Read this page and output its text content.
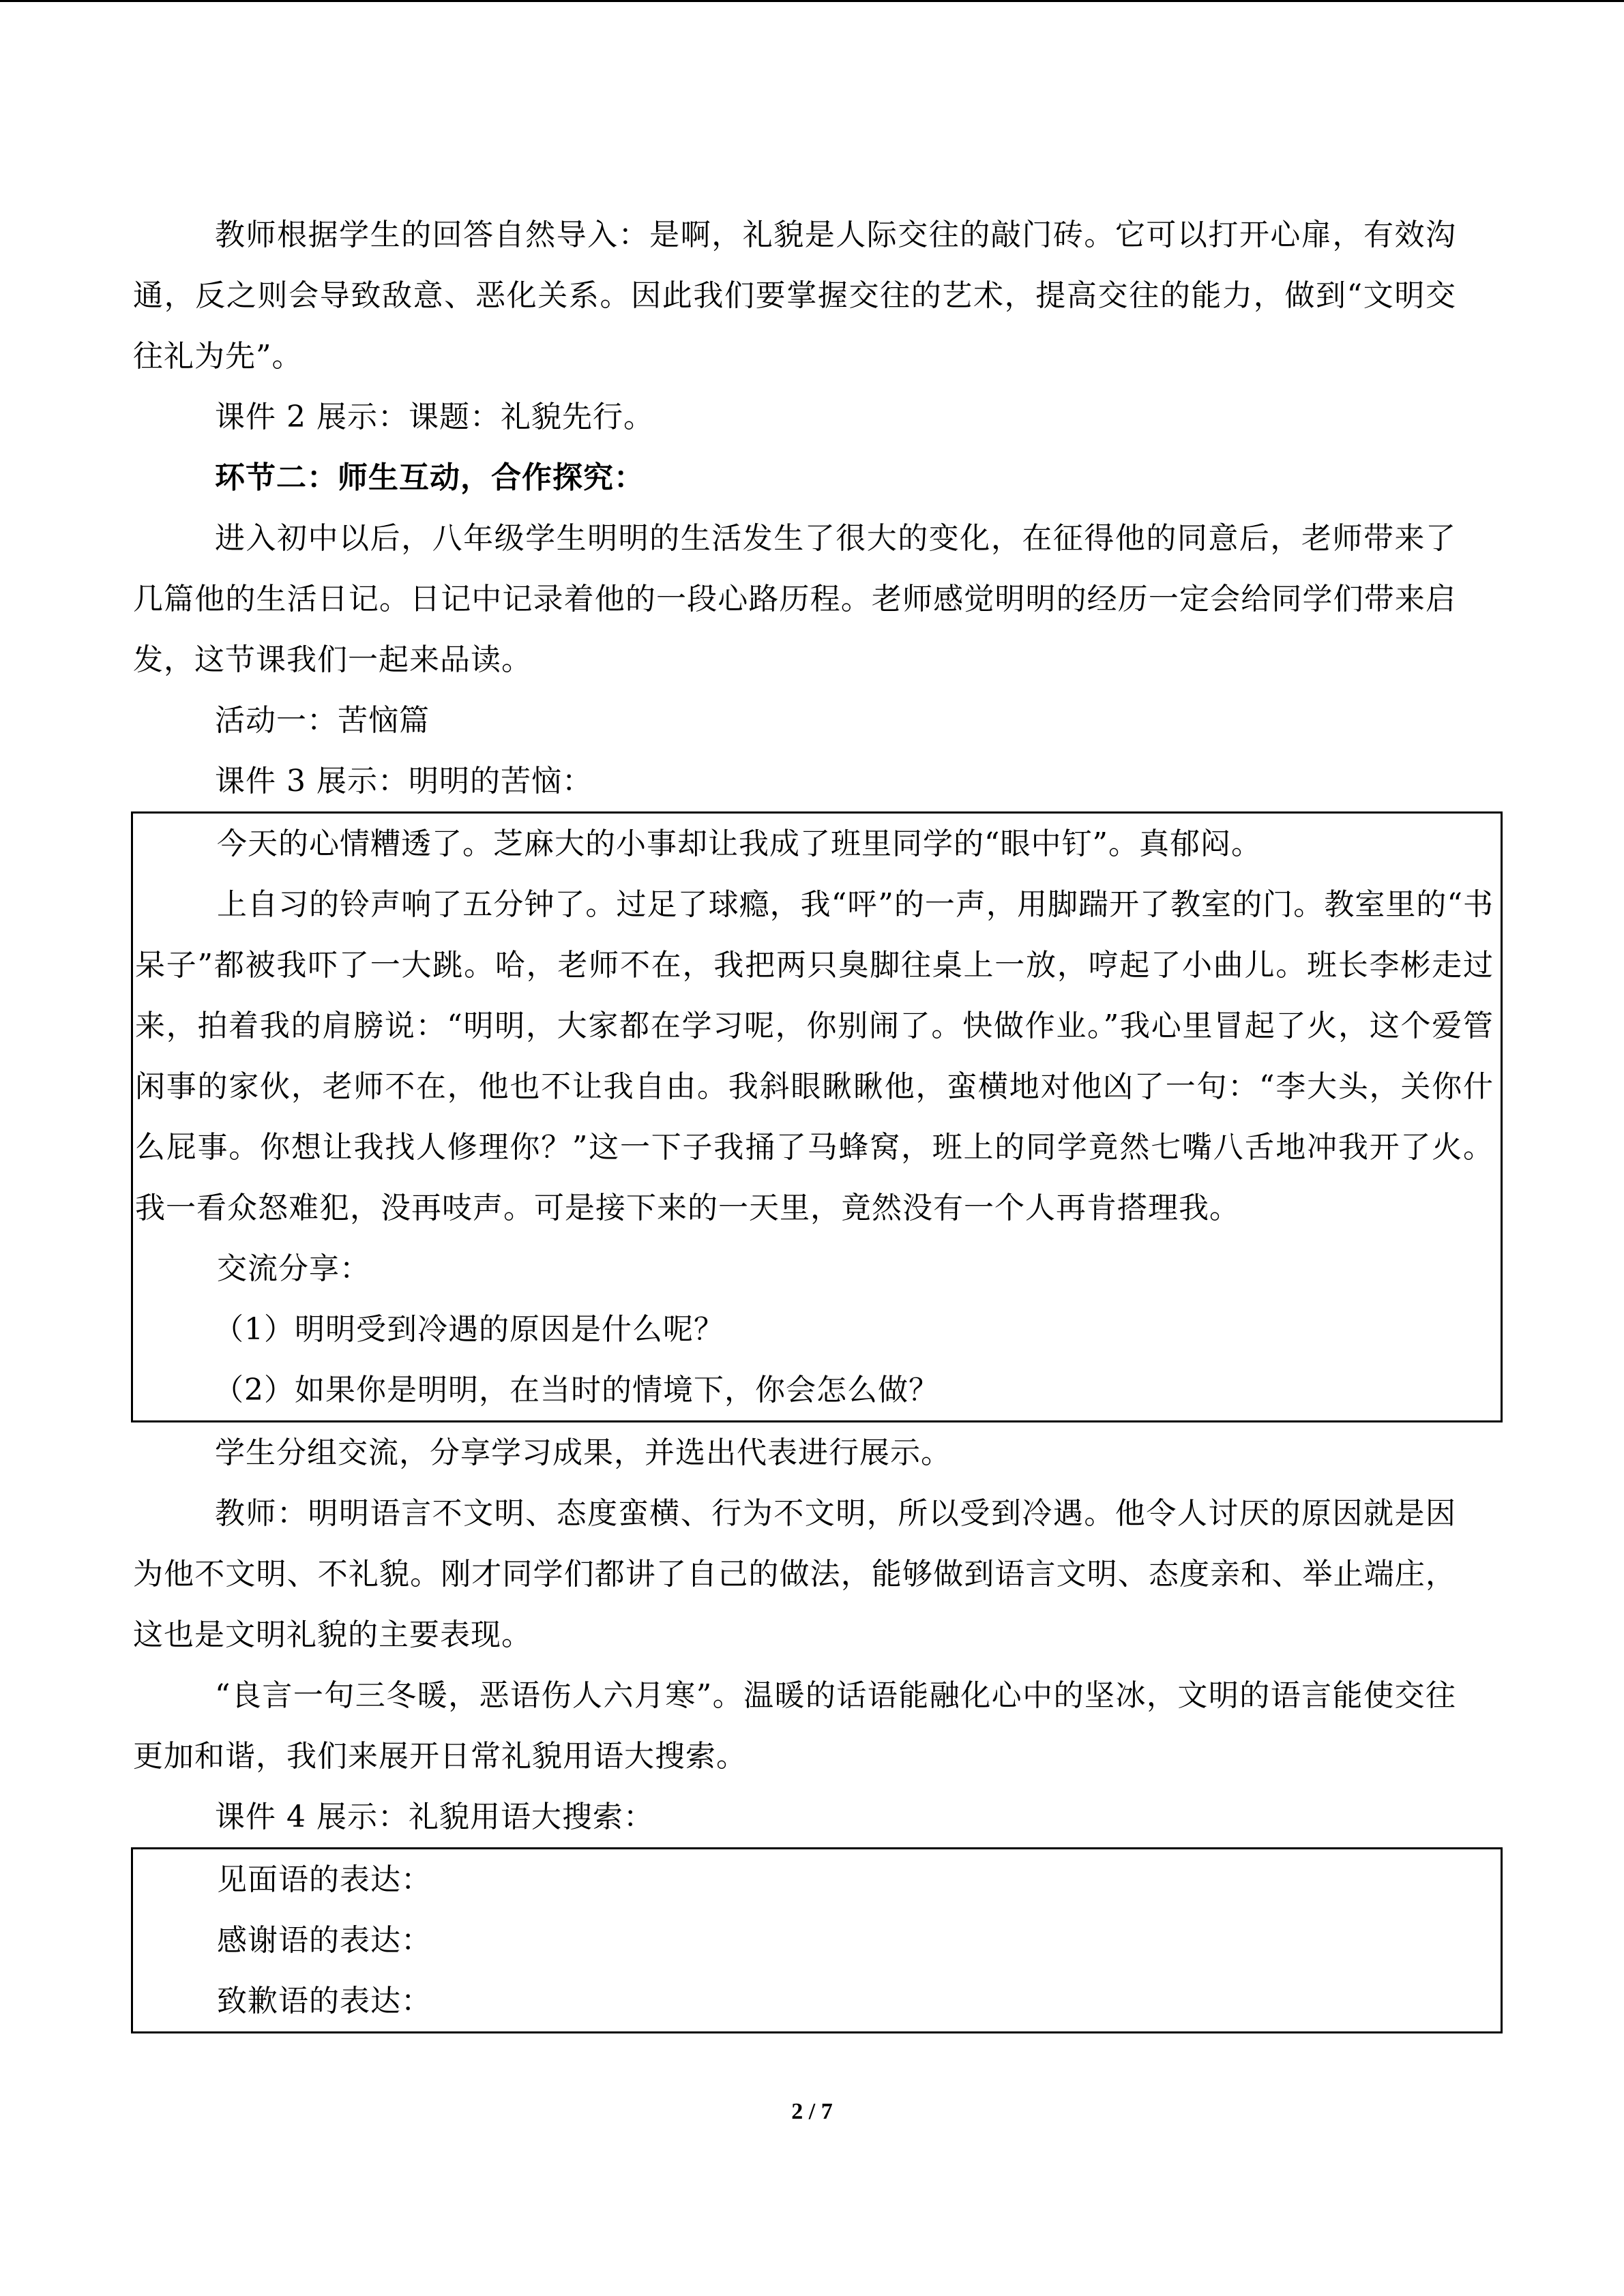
教师根据学生的回答自然导入：是啊，礼貌是人际交往的敲门砖。它可以打开心扉，有效沟通，反之则会导致敌意、恶化关系。因此我们要掌握交往的艺术，提高交往的能力，做到“文明交往礼为先”。

课件 2 展示：课题：礼貌先行。

环节二：师生互动，合作探究：

进入初中以后，八年级学生明明的生活发生了很大的变化，在征得他的同意后，老师带来了几篇他的生活日记。日记中记录着他的一段心路历程。老师感觉明明的经历一定会给同学们带来启发，这节课我们一起来品读。

活动一：苦恼篇

课件 3 展示：明明的苦恼：

今天的心情糟透了。芝麻大的小事却让我成了班里同学的“眼中钉”。真郁闷。

上自习的铃声响了五分钟了。过足了球瘾，我“呯”的一声，用脚踹开了教室的门。教室里的“书呆子”都被我吓了一大跳。哈，老师不在，我把两只臭脚往桌上一放，哼起了小曲儿。班长李彬走过来，拍着我的肩膀说：“明明，大家都在学习呢，你别闹了。快做作业。”我心里冒起了火，这个爱管闲事的家伙，老师不在，他也不让我自由。我斜眼瞅瞅他，蛮横地对他凶了一句：“李大头，关你什么屁事。你想让我找人修理你？”这一下子我捅了马蜂窝，班上的同学竟然七嘴八舌地冲我开了火。我一看众怒难犯，没再吱声。可是接下来的一天里，竟然没有一个人再肯搭理我。

交流分享：

（1）明明受到冷遇的原因是什么呢？

（2）如果你是明明，在当时的情境下，你会怎么做？

学生分组交流，分享学习成果，并选出代表进行展示。

教师：明明语言不文明、态度蛮横、行为不文明，所以受到冷遇。他令人讨厌的原因就是因为他不文明、不礼貌。刚才同学们都讲了自己的做法，能够做到语言文明、态度亲和、举止端庄，这也是文明礼貌的主要表现。

“良言一句三冬暖，恶语伤人六月寒”。温暖的话语能融化心中的坚冰，文明的语言能使交往更加和谐，我们来展开日常礼貌用语大搜索。

课件 4 展示：礼貌用语大搜索：

见面语的表达：

感谢语的表达：

致歉语的表达：

2 / 7
